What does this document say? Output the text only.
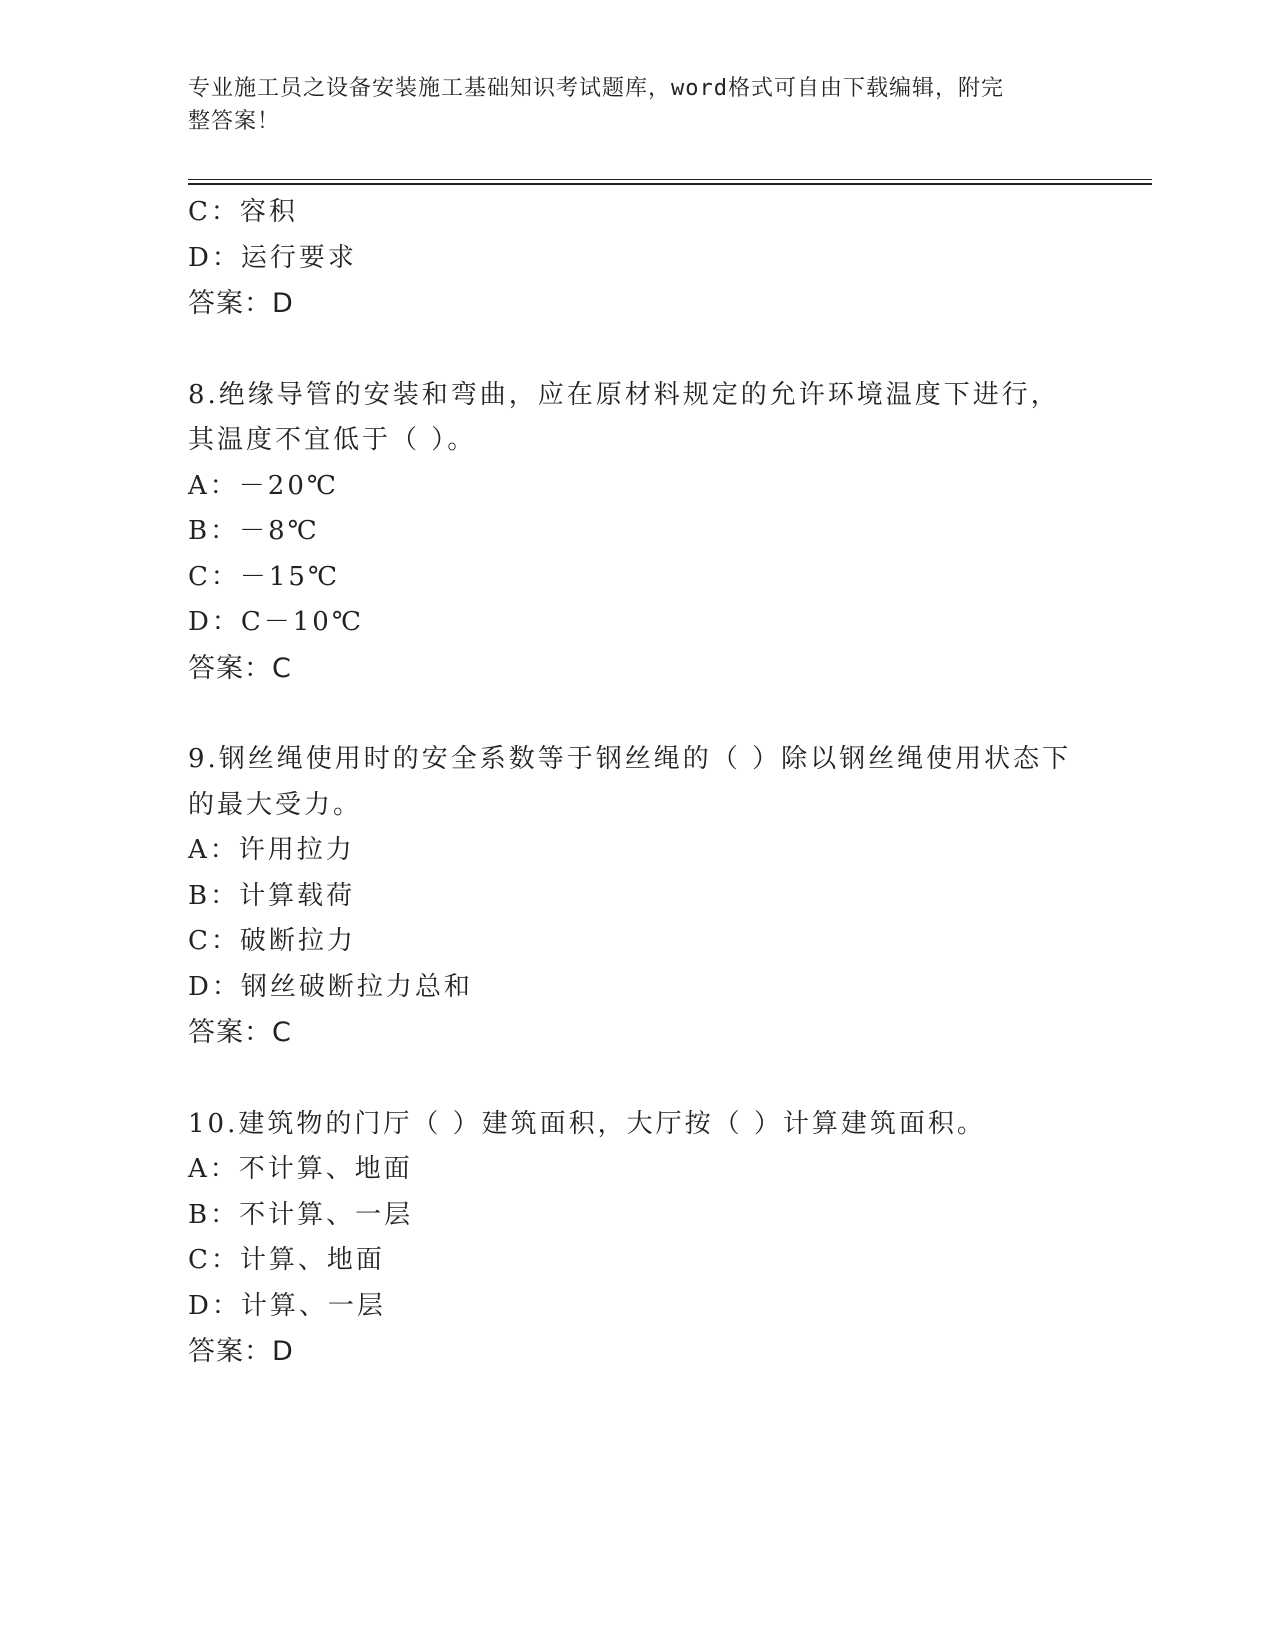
专业施工员之设备安装施工基础知识考试题库，word格式可自由下载编辑，附完
整答案！
C：容积
D：运行要求
答案：D
8.绝缘导管的安装和弯曲，应在原材料规定的允许环境温度下进行，
其温度不宜低于（ ）。
A：－20℃
B：－8℃
C：－15℃
D：C－10℃
答案：C
9.钢丝绳使用时的安全系数等于钢丝绳的（ ）除以钢丝绳使用状态下
的最大受力。
A：许用拉力
B：计算载荷
C：破断拉力
D：钢丝破断拉力总和
答案：C
10.建筑物的门厅（ ）建筑面积，大厅按（ ）计算建筑面积。
A：不计算、地面
B：不计算、一层
C：计算、地面
D：计算、一层
答案：D
